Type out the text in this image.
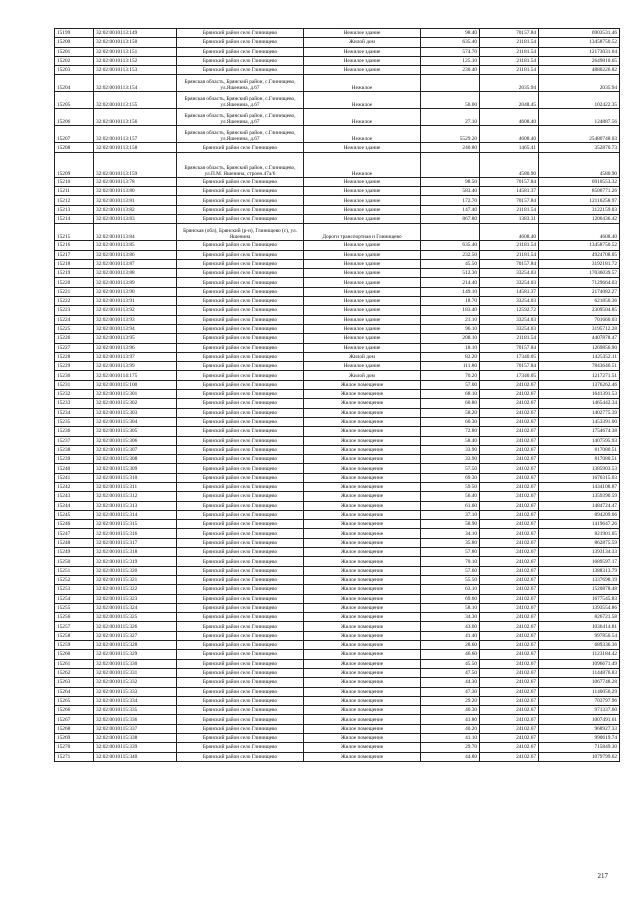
15199	32:02:0010113:149	Брянский район село Глинищево	Нежилое здание	98.40	70157.84	6903531.46
15200	32:02:0010113:150	Брянский район село Глинищево	Жилой дом	635.40	21181.54	13458750.52
15201	32:02:0010113:151	Брянский район село Глинищево	Нежилое здание	574.70	21181.54	12173031.04
15202	32:02:0010113:152	Брянский район село Глинищево	Нежилое здание	125.10	21181.54	2649810.65
15203	32:02:0010113:153	Брянский район село Глинищево	Нежилое здание	230.40	21181.54	4880226.82
15204	32:02:0010113:154	Брянская область, Брянский район, с.Глинищево, ул.Яшенина, д.67	Нежилое		2035.94	2035.94
15205	32:02:0010113:155	Брянская область, Брянский район, с.Глинищево, ул.Яшенина, д.67	Нежилое	50.00	2048.45	102422.35
15206	32:02:0010113:156	Брянская область, Брянский район, с.Глинищево, ул.Яшенина, д.67	Нежилое	27.10	4608.40	124887.56
15207	32:02:0010113:157	Брянская область, Брянский район, с.Глинищево, ул.Яшенина, д.67	Нежилое	5529.20	4608.40	25480748.03
15208	32:02:0010113:158	Брянский район село Глинищево	Нежилое здание	240.80	1465.41	352870.73
15209	32:02:0010113:159	Брянская область, Брянский район, с.Глинищево, ул.П.М. Яшенина, строен.47а/6	Нежилое		4580.90	4580.90
15210	32:02:0010113:78	Брянский район село Глинищево	Нежилое здание	98.50	70157.84	6910553.32
15211	32:02:0010113:80	Брянский район село Глинищево	Нежилое здание	583.40	14581.37	8506771.26
15212	32:02:0010113:81	Брянский район село Глинищево	Нежилое здание	172.70	70157.84	12116258.97
15213	32:02:0010113:82	Брянский район село Глинищево	Нежилое здание	147.40	21181.54	3122159.03
15214	32:02:0010113:83	Брянский район село Глинищево	Нежилое здание	867.80	1383.31	1200436.42
15215	32:02:0010113:84	Брянская (обл), Брянский (р-н), Глинищево (с), ул. Яшенина	Дороги транспортная и Глинищево		4608.40	4608.40
15216	32:02:0010113:85	Брянский район село Глинищево	Нежилое здание	635.40	21181.54	13458750.52
15217	32:02:0010113:86	Брянский район село Глинищево	Нежилое здание	232.50	21181.54	4924708.05
15218	32:02:0010113:87	Брянский район село Глинищево	Нежилое здание	45.50	70157.84	3192181.72
15219	32:02:0010113:88	Брянский район село Глинищево	Нежилое здание	512.30	33254.03	17036039.57
15220	32:02:0010113:89	Брянский район село Глинищево	Нежилое здание	214.40	33254.03	7129664.03
15221	32:02:0010113:90	Брянский район село Глинищево	Нежилое здание	149.10	14581.37	2174082.27
15222	32:02:0010113:91	Брянский район село Глинищево	Нежилое здание	18.70	33254.03	621850.36
15223	32:02:0010113:92	Брянский район село Глинищево	Нежилое здание	183.40	12592.72	2309504.85
15224	32:02:0010113:93	Брянский район село Глинищево	Нежилое здание	21.10	33254.03	701660.03
15225	32:02:0010113:94	Брянский район село Глинищево	Нежилое здание	96.10	33254.03	3195712.28
15226	32:02:0010113:95	Брянский район село Глинищево	Нежилое здание	208.10	21181.54	4407878.47
15227	32:02:0010113:96	Брянский район село Глинищево	Нежилое здание	18.10	70157.84	1269856.90
15228	32:02:0010113:97	Брянский район село Глинищево	Жилой дом	82.20	17340.05	1425352.11
15229	32:02:0010113:99	Брянский район село Глинищево	Нежилое здание	111.80	70157.84	7843646.51
15230	32:02:0010114:175	Брянский район село Глинищево	Жилой дом	70.20	17340.05	1217271.51
15231	32:02:0010115:100	Брянский район село Глинищево	Жилое помещение	57.00	24102.67	1376262.46
15232	32:02:0010115:301	Брянский район село Глинищево	Жилое помещение	68.10	24102.67	1641391.53
15233	32:02:0010115:302	Брянский район село Глинищево	Жилое помещение	60.80	24102.67	1465442.34
15234	32:02:0010115:303	Брянский район село Глинищево	Жилое помещение	58.20	24102.67	1402775.39
15235	32:02:0010115:304	Брянский район село Глинищево	Жилое помещение	60.30	24102.67	1453391.00
15236	32:02:0010115:305	Брянский район село Глинищево	Жилое помещение	72.80	24102.67	1754674.38
15237	32:02:0010115:306	Брянский район село Глинищево	Жилое помещение	58.40	24102.67	1407595.93
15238	32:02:0010115:307	Брянский район село Глинищево	Жилое помещение	33.90	24102.67	817080.51
15239	32:02:0010115:308	Брянский район село Глинищево	Жилое помещение	33.90	24102.67	817080.51
15240	32:02:0010115:309	Брянский район село Глинищево	Жилое помещение	57.50	24102.67	1385903.53
15241	32:02:0010115:310	Брянский район село Глинищево	Жилое помещение	69.30	24102.67	1670315.03
15242	32:02:0010115:311	Брянский район село Глинищево	Жилое помещение	59.50	24102.67	1434108.87
15243	32:02:0010115:312	Брянский район село Глинищево	Жилое помещение	56.40	24102.67	1359390.59
15244	32:02:0010115:313	Брянский район село Глинищево	Жилое помещение	61.60	24102.67	1484724.47
15245	32:02:0010115:314	Брянский район село Глинищево	Жилое помещение	37.10	24102.67	894209.06
15246	32:02:0010115:315	Брянский район село Глинищево	Жилое помещение	58.90	24102.67	1419647.26
15247	32:02:0010115:316	Брянский район село Глинищево	Жилое помещение	34.10	24102.67	821901.05
15248	32:02:0010115:317	Брянский район село Глинищево	Жилое помещение	35.80	24102.67	862875.59
15249	32:02:0010115:318	Брянский район село Глинищево	Жилое помещение	57.80	24102.67	1393134.33
15250	32:02:0010115:319	Брянский район село Глинищево	Жилое помещение	70.10	24102.67	1689597.17
15251	32:02:0010115:320	Брянский район село Глинищево	Жилое помещение	57.60	24102.67	1388313.79
15252	32:02:0010115:321	Брянский район село Глинищево	Жилое помещение	55.50	24102.67	1337698.19
15253	32:02:0010115:322	Брянский район село Глинищево	Жилое помещение	63.10	24102.67	1520878.48
15254	32:02:0010115:323	Брянский район село Глинищево	Жилое помещение	69.60	24102.67	1677545.83
15255	32:02:0010115:324	Брянский район село Глинищево	Жилое помещение	58.10	24102.67	1393554.86
15256	32:02:0010115:325	Брянский район село Глинищево	Жилое помещение	34.30	24102.67	826721.58
15257	32:02:0010115:326	Брянский район село Глинищево	Жилое помещение	43.00	24102.67	1036414.81
15258	32:02:0010115:327	Брянский район село Глинищево	Жилое помещение	41.40	24102.67	997850.54
15259	32:02:0010115:328	Брянский район село Глинищево	Жилое помещение	28.60	24102.67	689336.36
15260	32:02:0010115:329	Брянский район село Глинищево	Жилое помещение	46.60	24102.67	1123184.42
15261	32:02:0010115:330	Брянский район село Глинищево	Жилое помещение	45.50	24102.67	1096671.49
15262	32:02:0010115:331	Брянский район село Глинищево	Жилое помещение	47.50	24102.67	1144876.83
15263	32:02:0010115:332	Брянский район село Глинищево	Жилое помещение	44.30	24102.67	1067748.28
15264	32:02:0010115:333	Брянский район село Глинищево	Жилое помещение	47.30	24102.67	1140056.29
15265	32:02:0010115:334	Брянский район село Глинищево	Жилое помещение	29.20	24102.67	703797.96
15266	32:02:0010115:335	Брянский район село Глинищево	Жилое помещение	40.30	24102.67	971337.60
15267	32:02:0010115:336	Брянский район село Глинищево	Жилое помещение	41.80	24102.67	1007491.61
15268	32:02:0010115:337	Брянский район село Глинищево	Жилое помещение	40.20	24102.67	968927.33
15269	32:02:0010115:338	Брянский район село Глинищево	Жилое помещение	41.10	24102.67	990619.74
15270	32:02:0010115:339	Брянский район село Глинищево	Жилое помещение	29.70	24102.67	715849.30
15271	32:02:0010115:340	Брянский район село Глинищево	Жилое помещение	44.80	24102.67	1079799.62
217
